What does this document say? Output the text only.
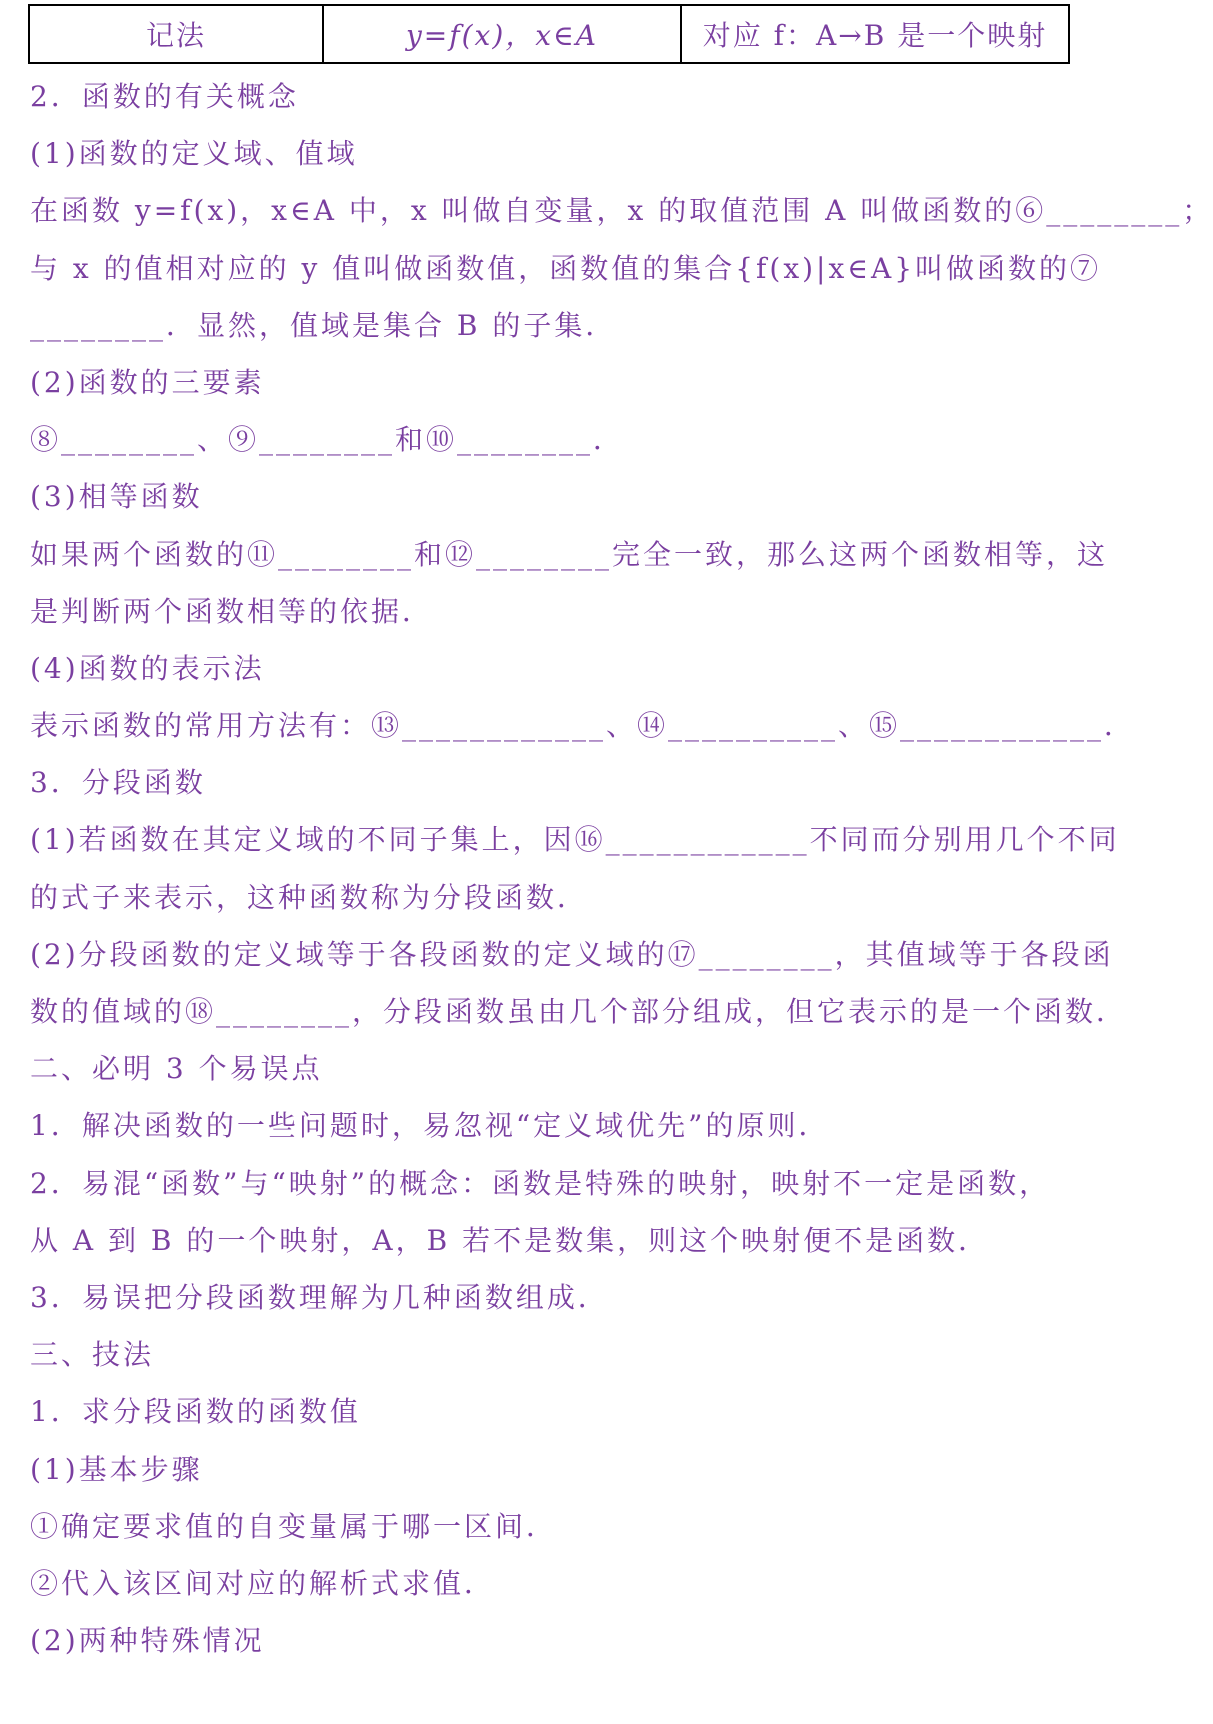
记法	y=f(x)，x∈A	对应 f：A→B 是一个映射
2．函数的有关概念
(1)函数的定义域、值域
在函数 y=f(x)，x∈A 中，x 叫做自变量，x 的取值范围 A 叫做函数的⑥________；
与 x 的值相对应的 y 值叫做函数值，函数值的集合{f(x)|x∈A}叫做函数的⑦
________．显然，值域是集合 B 的子集．
(2)函数的三要素
⑧________、⑨________和⑩________．
(3)相等函数
如果两个函数的⑪________和⑫________完全一致，那么这两个函数相等，这
是判断两个函数相等的依据．
(4)函数的表示法
表示函数的常用方法有：⑬____________、⑭__________、⑮____________．
3．分段函数
(1)若函数在其定义域的不同子集上，因⑯____________不同而分别用几个不同
的式子来表示，这种函数称为分段函数．
(2)分段函数的定义域等于各段函数的定义域的⑰________，其值域等于各段函
数的值域的⑱________，分段函数虽由几个部分组成，但它表示的是一个函数．
二、必明 3 个易误点
1．解决函数的一些问题时，易忽视“定义域优先”的原则．
2．易混“函数”与“映射”的概念：函数是特殊的映射，映射不一定是函数，
从 A 到 B 的一个映射，A，B 若不是数集，则这个映射便不是函数．
3．易误把分段函数理解为几种函数组成．
三、技法
1．求分段函数的函数值
(1)基本步骤
①确定要求值的自变量属于哪一区间．
②代入该区间对应的解析式求值．
(2)两种特殊情况
